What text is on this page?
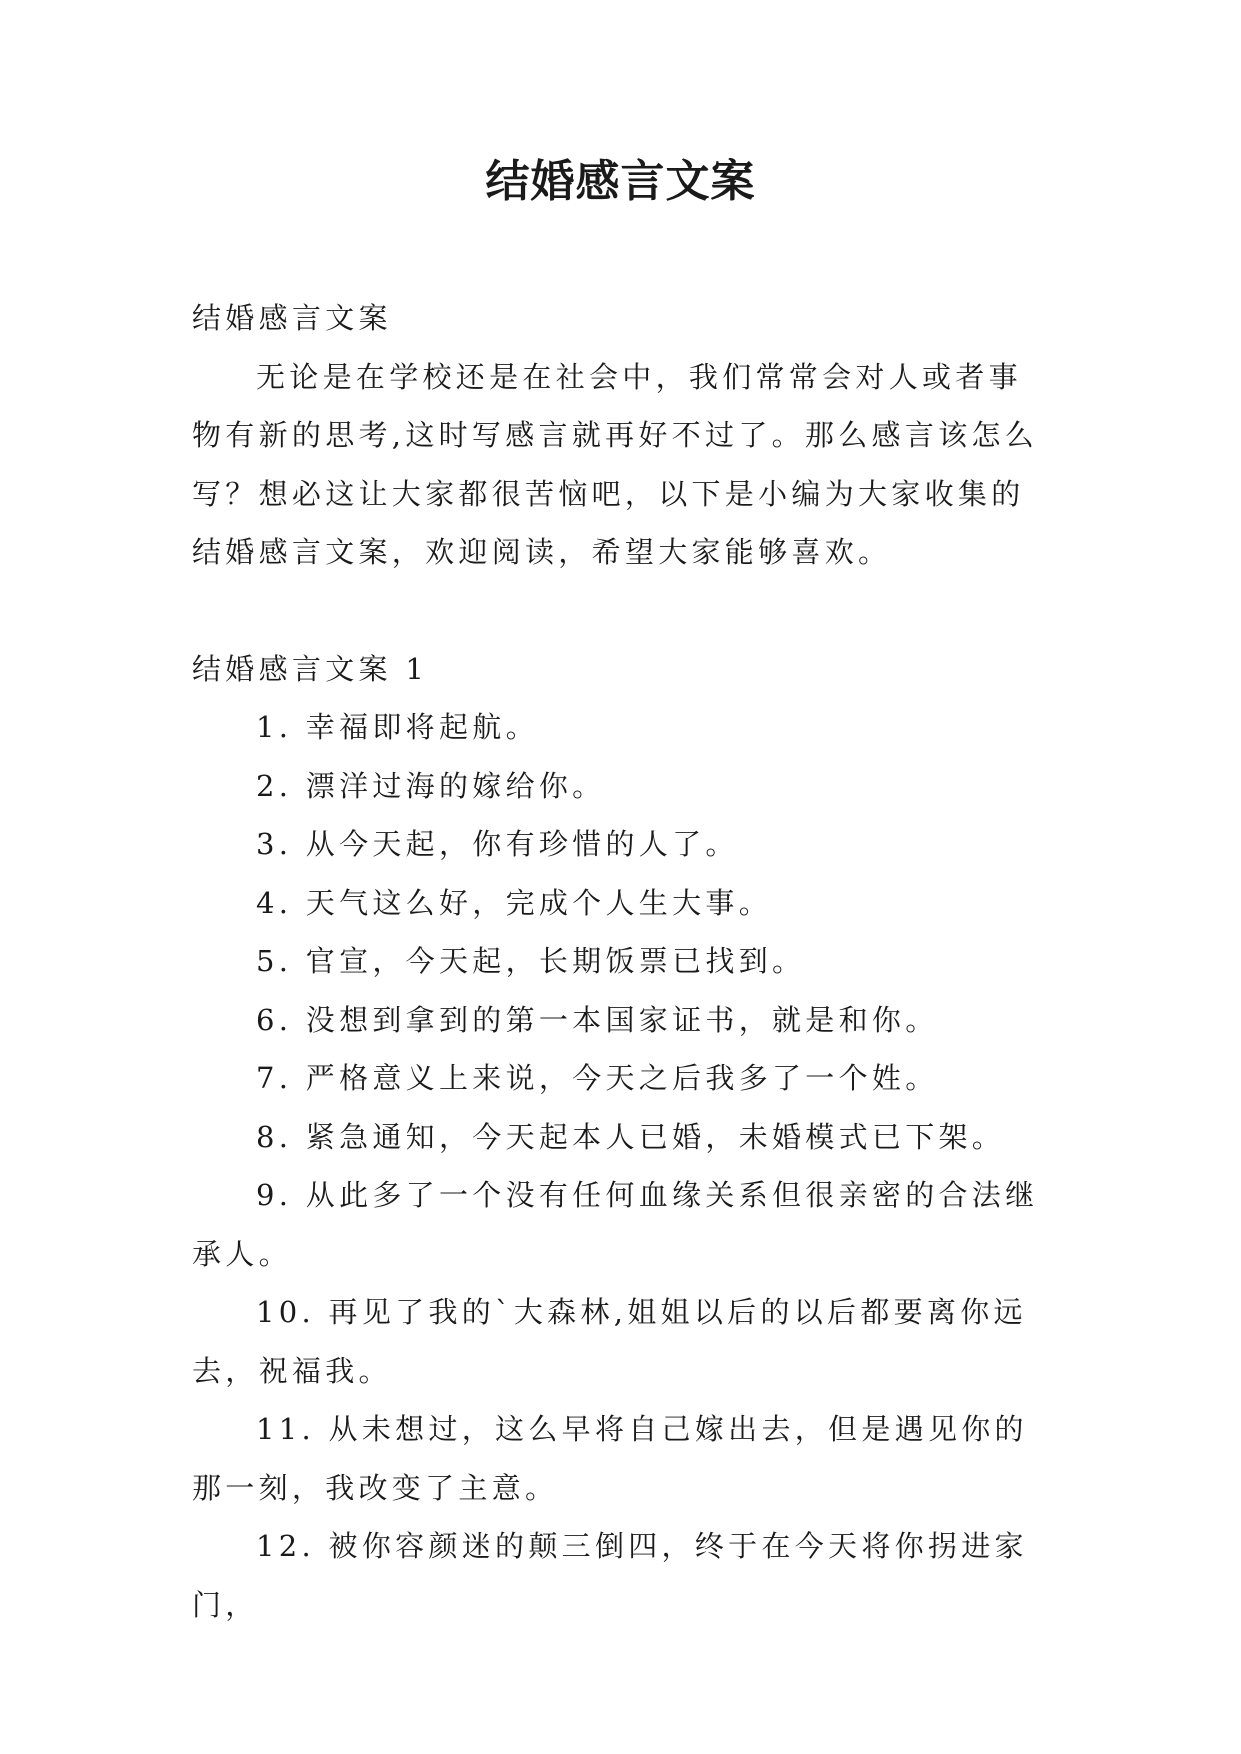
结婚感言文案

结婚感言文案

无论是在学校还是在社会中，我们常常会对人或者事物有新的思考,这时写感言就再好不过了。那么感言该怎么写？想必这让大家都很苦恼吧，以下是小编为大家收集的结婚感言文案，欢迎阅读，希望大家能够喜欢。

结婚感言文案 1

1. 幸福即将起航。

2. 漂洋过海的嫁给你。

3. 从今天起，你有珍惜的人了。

4. 天气这么好，完成个人生大事。

5. 官宣，今天起，长期饭票已找到。

6. 没想到拿到的第一本国家证书，就是和你。

7. 严格意义上来说，今天之后我多了一个姓。

8. 紧急通知，今天起本人已婚，未婚模式已下架。

9. 从此多了一个没有任何血缘关系但很亲密的合法继承人。

10. 再见了我的`大森林,姐姐以后的以后都要离你远去，祝福我。

11. 从未想过，这么早将自己嫁出去，但是遇见你的那一刻，我改变了主意。

12. 被你容颜迷的颠三倒四，终于在今天将你拐进家门，
